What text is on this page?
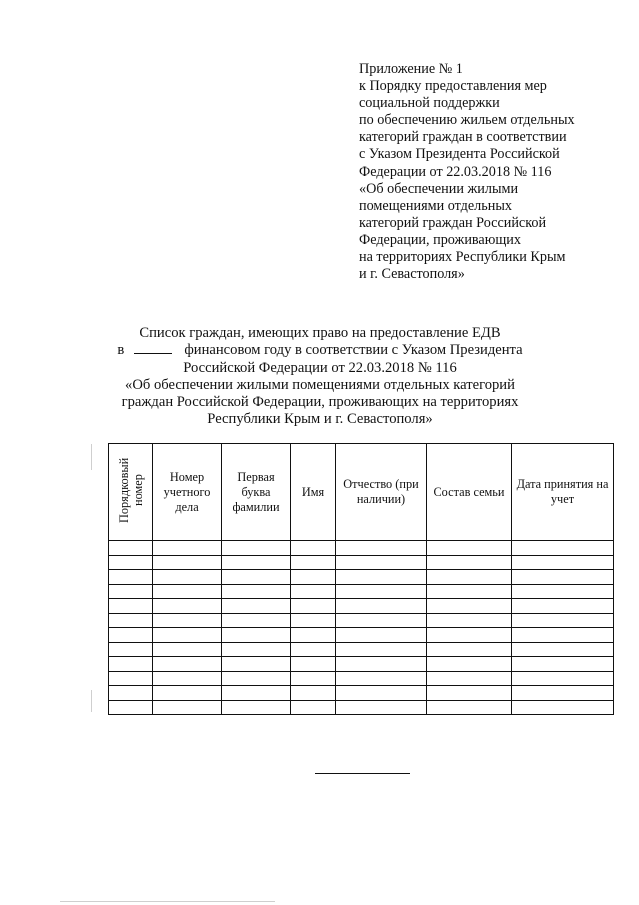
Приложение № 1
к Порядку предоставления мер
социальной поддержки
по обеспечению жильем отдельных
категорий граждан в соответствии
с Указом Президента Российской
Федерации от 22.03.2018 № 116
«Об обеспечении жилыми
помещениями отдельных
категорий граждан Российской
Федерации, проживающих
на территориях Республики Крым
и г. Севастополя»
Список граждан, имеющих право на предоставление ЕДВ
в	финансовом году в соответствии с Указом Президента
Российской Федерации от 22.03.2018 № 116
«Об обеспечении жилыми помещениями отдельных категорий
граждан Российской Федерации, проживающих на территориях
Республики Крым и г. Севастополя»
Порядковый номер	Номер учетного дела	Первая буква фамилии	Имя	Отчество (при наличии)	Состав семьи	Дата принятия на учет
